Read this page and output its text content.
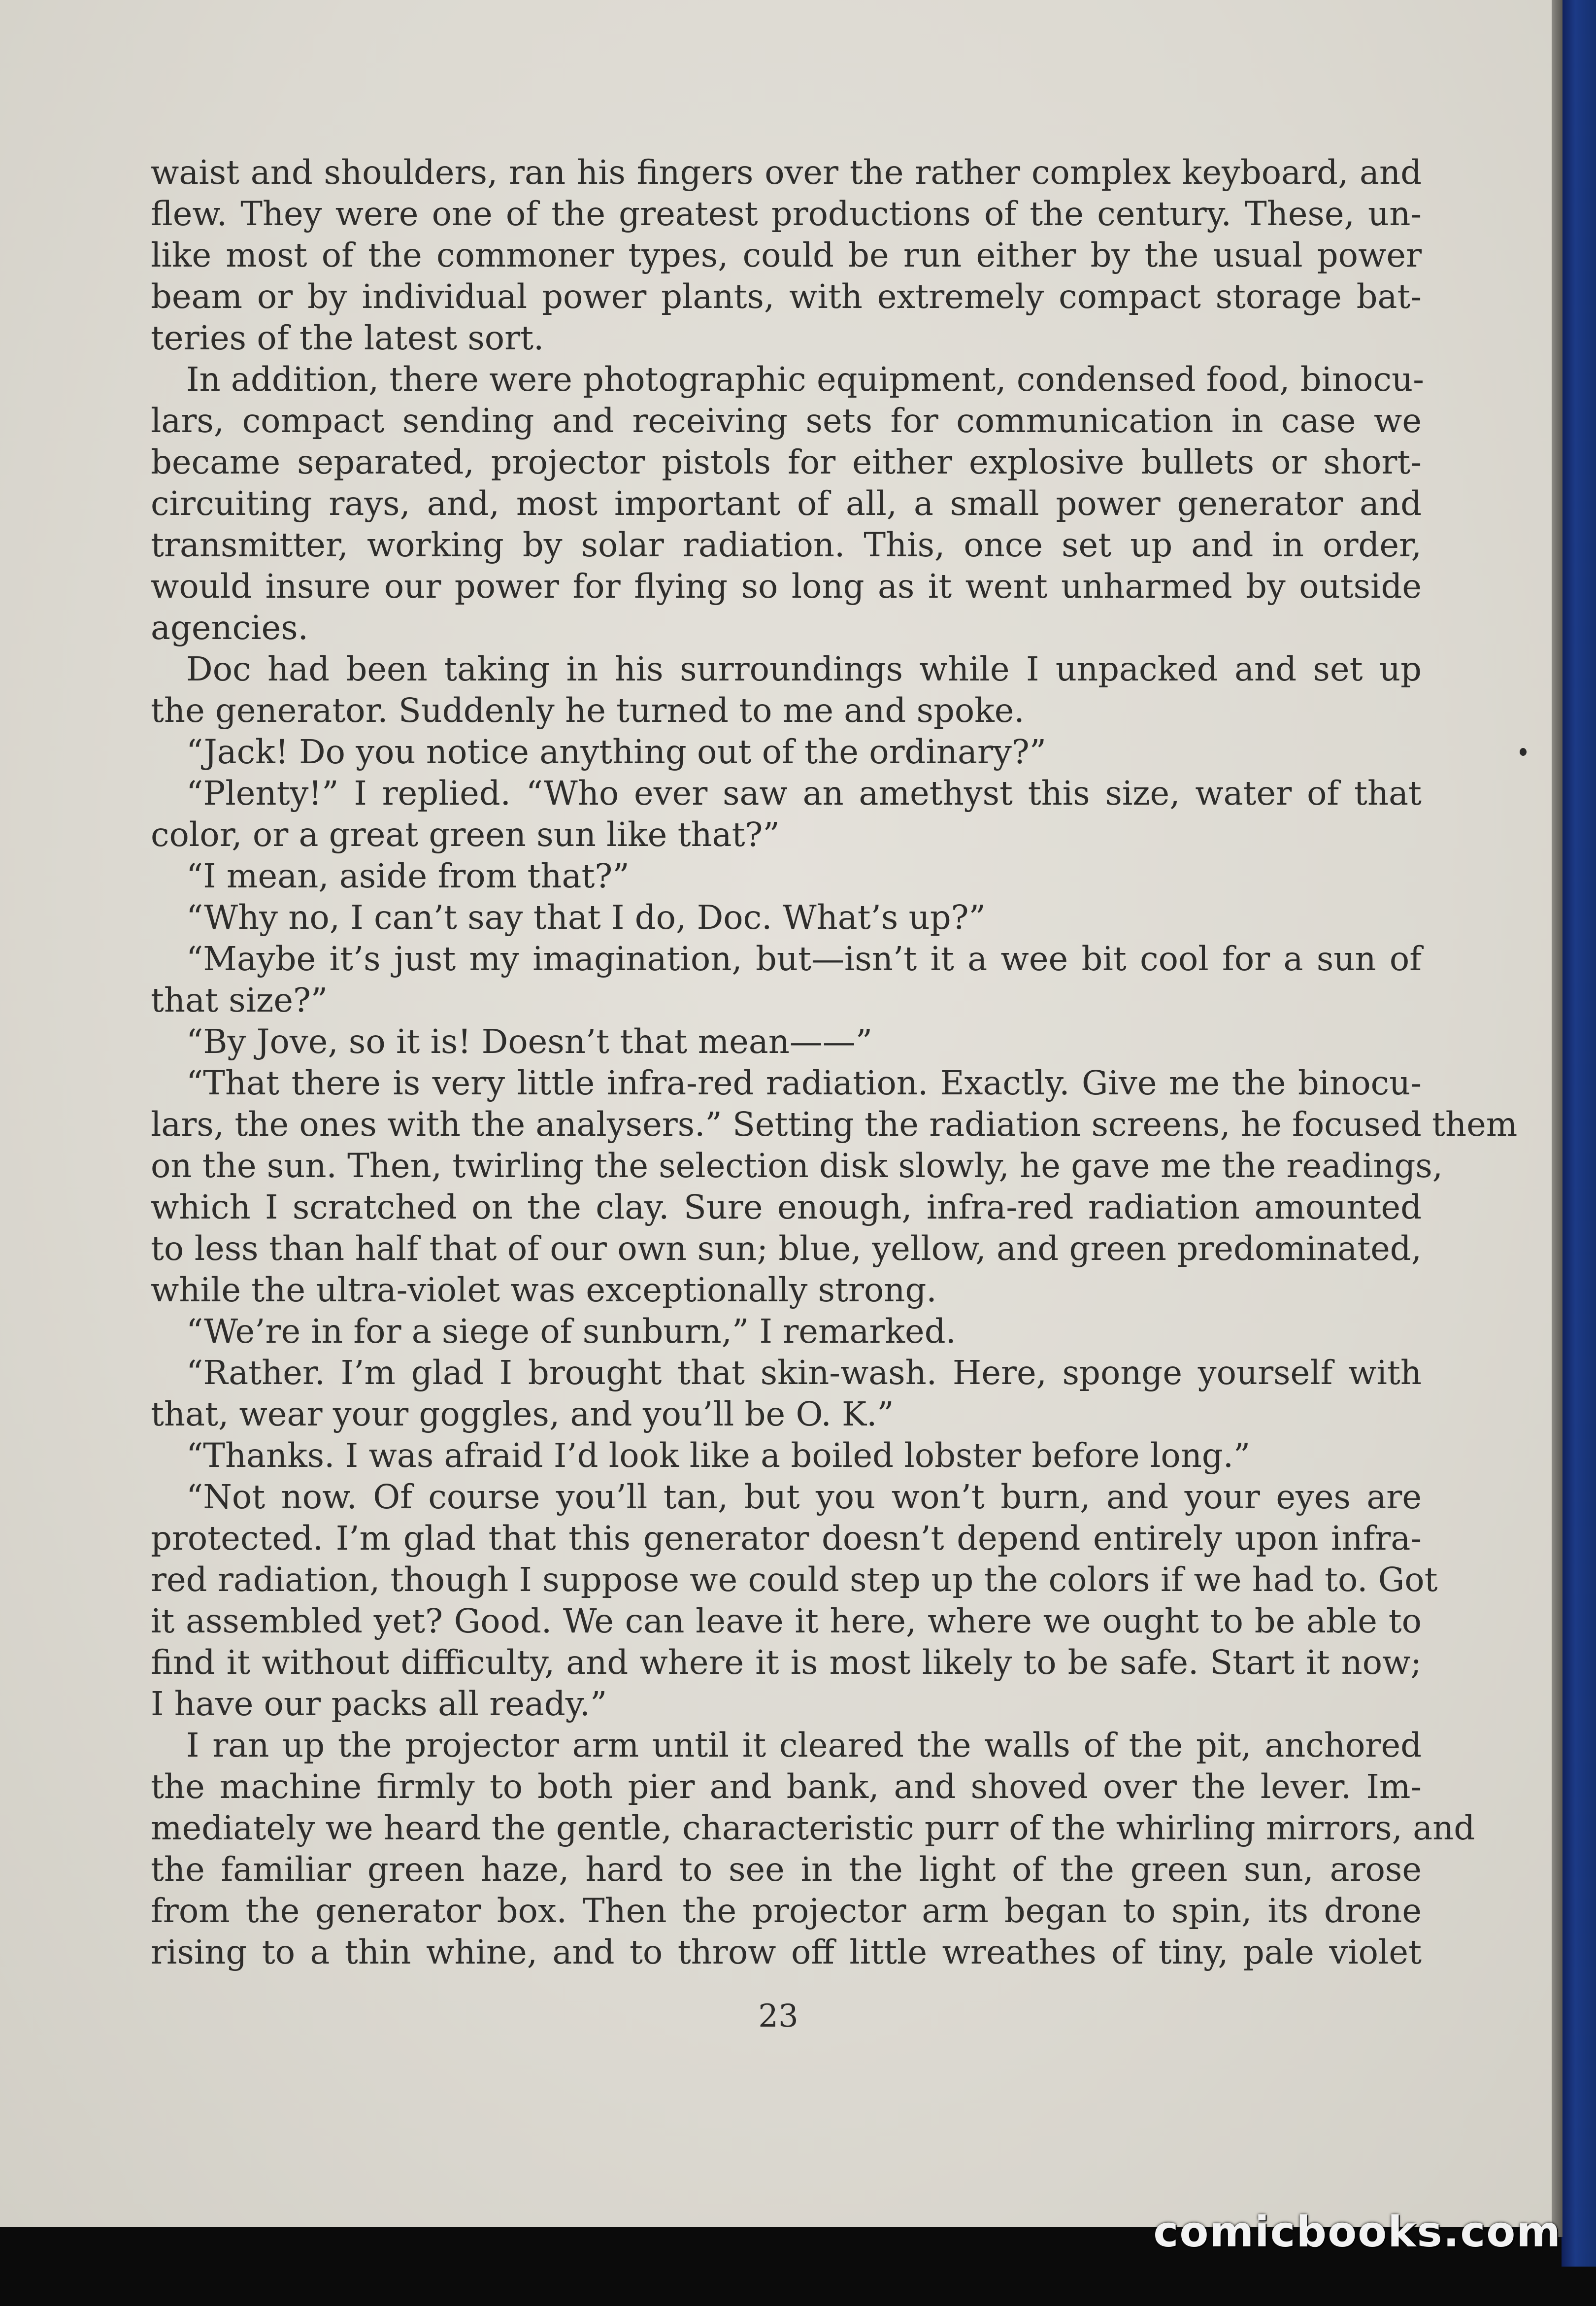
waist and shoulders, ran his fingers over the rather complex keyboard, and
flew. They were one of the greatest productions of the century. These, un-
like most of the commoner types, could be run either by the usual power
beam or by individual power plants, with extremely compact storage bat-
teries of the latest sort.
In addition, there were photographic equipment, condensed food, binocu-
lars, compact sending and receiving sets for communication in case we
became separated, projector pistols for either explosive bullets or short-
circuiting rays, and, most important of all, a small power generator and
transmitter, working by solar radiation. This, once set up and in order,
would insure our power for flying so long as it went unharmed by outside
agencies.
Doc had been taking in his surroundings while I unpacked and set up
the generator. Suddenly he turned to me and spoke.
“Jack! Do you notice anything out of the ordinary?”
“Plenty!” I replied. “Who ever saw an amethyst this size, water of that
color, or a great green sun like that?”
“I mean, aside from that?”
“Why no, I can’t say that I do, Doc. What’s up?”
“Maybe it’s just my imagination, but—isn’t it a wee bit cool for a sun of
that size?”
“By Jove, so it is! Doesn’t that mean——”
“That there is very little infra-red radiation. Exactly. Give me the binocu-
lars, the ones with the analysers.” Setting the radiation screens, he focused them
on the sun. Then, twirling the selection disk slowly, he gave me the readings,
which I scratched on the clay. Sure enough, infra-red radiation amounted
to less than half that of our own sun; blue, yellow, and green predominated,
while the ultra-violet was exceptionally strong.
“We’re in for a siege of sunburn,” I remarked.
“Rather. I’m glad I brought that skin-wash. Here, sponge yourself with
that, wear your goggles, and you’ll be O. K.”
“Thanks. I was afraid I’d look like a boiled lobster before long.”
“Not now. Of course you’ll tan, but you won’t burn, and your eyes are
protected. I’m glad that this generator doesn’t depend entirely upon infra-
red radiation, though I suppose we could step up the colors if we had to. Got
it assembled yet? Good. We can leave it here, where we ought to be able to
find it without difficulty, and where it is most likely to be safe. Start it now;
I have our packs all ready.”
I ran up the projector arm until it cleared the walls of the pit, anchored
the machine firmly to both pier and bank, and shoved over the lever. Im-
mediately we heard the gentle, characteristic purr of the whirling mirrors, and
the familiar green haze, hard to see in the light of the green sun, arose
from the generator box. Then the projector arm began to spin, its drone
rising to a thin whine, and to throw off little wreathes of tiny, pale violet
23
comicbooks.com
